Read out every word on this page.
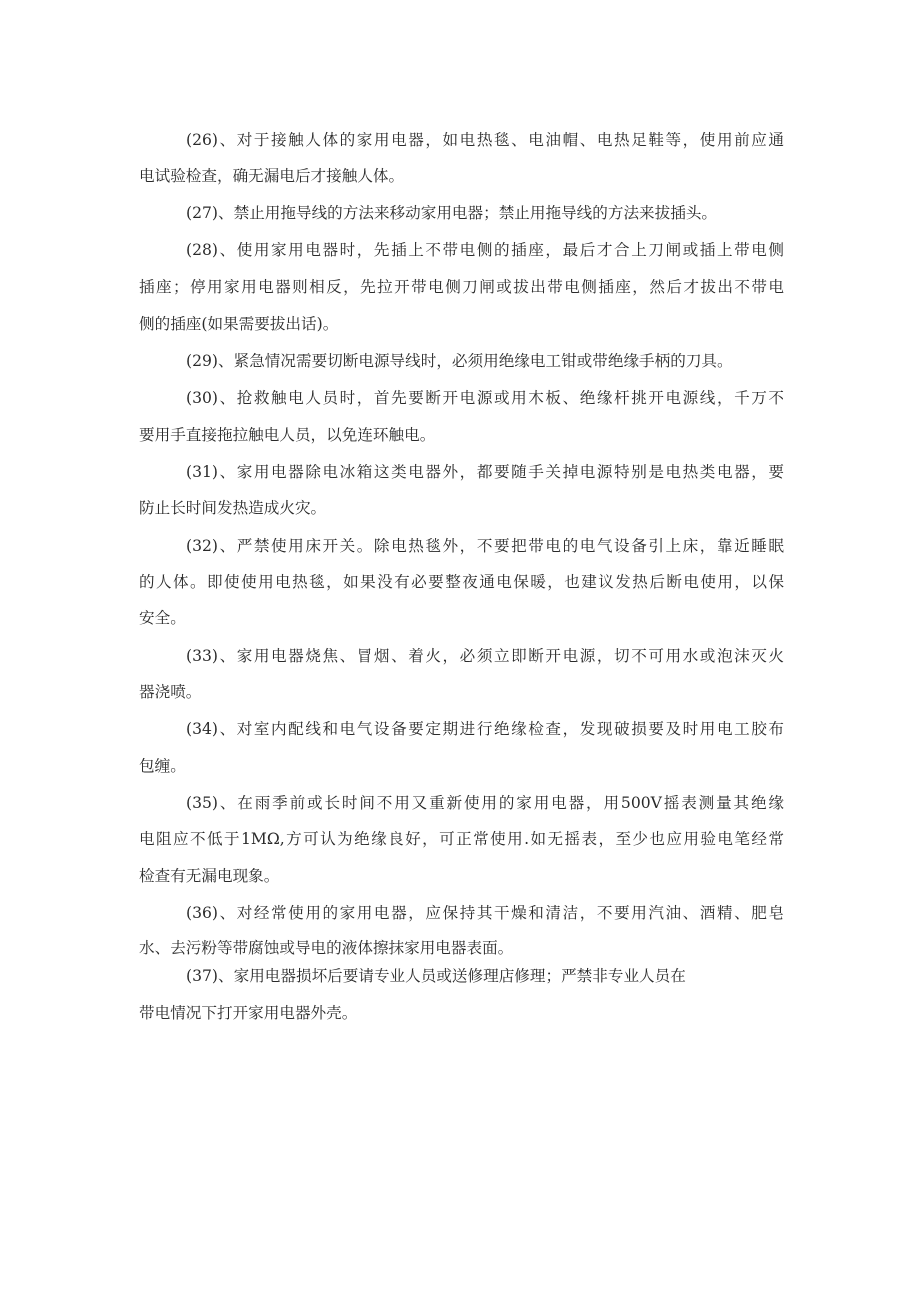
(26)、对于接触人体的家用电器，如电热毯、电油帽、电热足鞋等，使用前应通
电试验检查，确无漏电后才接触人体。
(27)、禁止用拖导线的方法来移动家用电器；禁止用拖导线的方法来拔插头。
(28)、使用家用电器时，先插上不带电侧的插座，最后才合上刀闸或插上带电侧
插座；停用家用电器则相反，先拉开带电侧刀闸或拔出带电侧插座，然后才拔出不带电
侧的插座(如果需要拔出话)。
(29)、紧急情况需要切断电源导线时，必须用绝缘电工钳或带绝缘手柄的刀具。
(30)、抢救触电人员时，首先要断开电源或用木板、绝缘杆挑开电源线，千万不
要用手直接拖拉触电人员，以免连环触电。
(31)、家用电器除电冰箱这类电器外，都要随手关掉电源特别是电热类电器，要
防止长时间发热造成火灾。
(32)、严禁使用床开关。除电热毯外，不要把带电的电气设备引上床，靠近睡眠
的人体。即使使用电热毯，如果没有必要整夜通电保暖，也建议发热后断电使用，以保
安全。
(33)、家用电器烧焦、冒烟、着火，必须立即断开电源，切不可用水或泡沫灭火
器浇喷。
(34)、对室内配线和电气设备要定期进行绝缘检查，发现破损要及时用电工胶布
包缠。
(35)、在雨季前或长时间不用又重新使用的家用电器，用500V摇表测量其绝缘
电阻应不低于1MΩ,方可认为绝缘良好，可正常使用.如无摇表，至少也应用验电笔经常
检查有无漏电现象。
(36)、对经常使用的家用电器，应保持其干燥和清洁，不要用汽油、酒精、肥皂
水、去污粉等带腐蚀或导电的液体擦抹家用电器表面。
(37)、家用电器损坏后要请专业人员或送修理店修理；严禁非专业人员在
带电情况下打开家用电器外壳。
